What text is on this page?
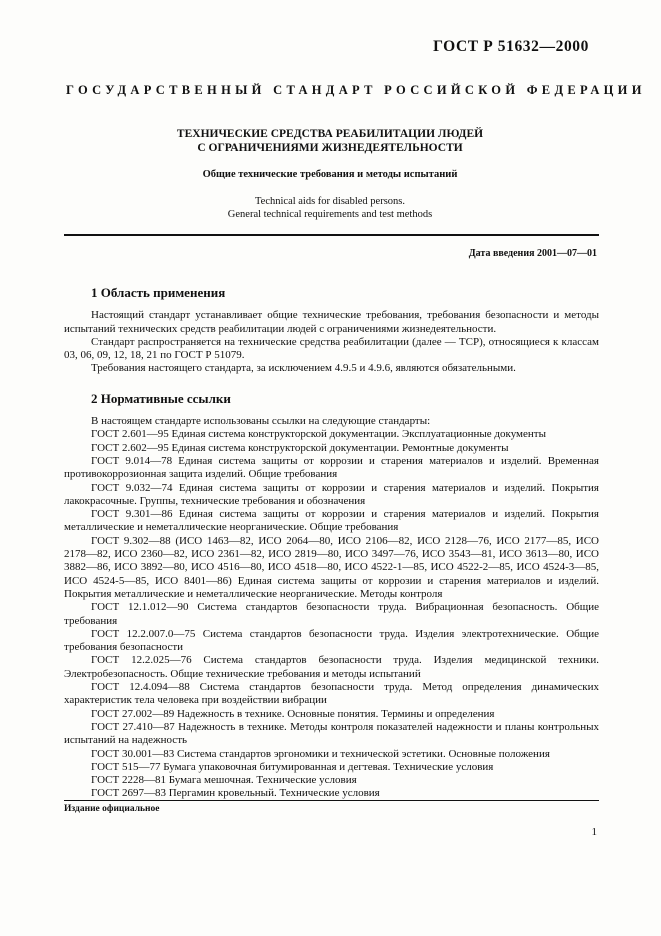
ГОСТ Р 51632—2000
ГОСУДАРСТВЕННЫЙ СТАНДАРТ РОССИЙСКОЙ ФЕДЕРАЦИИ
ТЕХНИЧЕСКИЕ СРЕДСТВА РЕАБИЛИТАЦИИ ЛЮДЕЙ
С ОГРАНИЧЕНИЯМИ ЖИЗНЕДЕЯТЕЛЬНОСТИ
Общие технические требования и методы испытаний
Technical aids for disabled persons.
General technical requirements and test methods
Дата введения 2001—07—01
1 Область применения

Настоящий стандарт устанавливает общие технические требования, требования безопасности и методы испытаний технических средств реабилитации людей с ограничениями жизнедеятельности.

Стандарт распространяется на технические средства реабилитации (далее — ТСР), относящиеся к классам 03, 06, 09, 12, 18, 21 по ГОСТ Р 51079.

Требования настоящего стандарта, за исключением 4.9.5 и 4.9.6, являются обязательными.

2 Нормативные ссылки

В настоящем стандарте использованы ссылки на следующие стандарты:

ГОСТ 2.601—95 Единая система конструкторской документации. Эксплуатационные документы

ГОСТ 2.602—95 Единая система конструкторской документации. Ремонтные документы

ГОСТ 9.014—78 Единая система защиты от коррозии и старения материалов и изделий. Временная противокоррозионная защита изделий. Общие требования

ГОСТ 9.032—74 Единая система защиты от коррозии и старения материалов и изделий. Покрытия лакокрасочные. Группы, технические требования и обозначения

ГОСТ 9.301—86 Единая система защиты от коррозии и старения материалов и изделий. Покрытия металлические и неметаллические неорганические. Общие требования

ГОСТ 9.302—88 (ИСО 1463—82, ИСО 2064—80, ИСО 2106—82, ИСО 2128—76, ИСО 2177—85, ИСО 2178—82, ИСО 2360—82, ИСО 2361—82, ИСО 2819—80, ИСО 3497—76, ИСО 3543—81, ИСО 3613—80, ИСО 3882—86, ИСО 3892—80, ИСО 4516—80, ИСО 4518—80, ИСО 4522-1—85, ИСО 4522-2—85, ИСО 4524-3—85, ИСО 4524-5—85, ИСО 8401—86) Единая система защиты от коррозии и старения материалов и изделий. Покрытия металлические и неметаллические неорганические. Методы контроля

ГОСТ 12.1.012—90 Система стандартов безопасности труда. Вибрационная безопасность. Общие требования

ГОСТ 12.2.007.0—75 Система стандартов безопасности труда. Изделия электротехнические. Общие требования безопасности

ГОСТ 12.2.025—76 Система стандартов безопасности труда. Изделия медицинской техники. Электробезопасность. Общие технические требования и методы испытаний

ГОСТ 12.4.094—88 Система стандартов безопасности труда. Метод определения динамических характеристик тела человека при воздействии вибрации

ГОСТ 27.002—89 Надежность в технике. Основные понятия. Термины и определения

ГОСТ 27.410—87 Надежность в технике. Методы контроля показателей надежности и планы контрольных испытаний на надежность

ГОСТ 30.001—83 Система стандартов эргономики и технической эстетики. Основные положения

ГОСТ 515—77 Бумага упаковочная битумированная и дегтевая. Технические условия

ГОСТ 2228—81 Бумага мешочная. Технические условия

ГОСТ 2697—83 Пергамин кровельный. Технические условия

Издание официальное
1
